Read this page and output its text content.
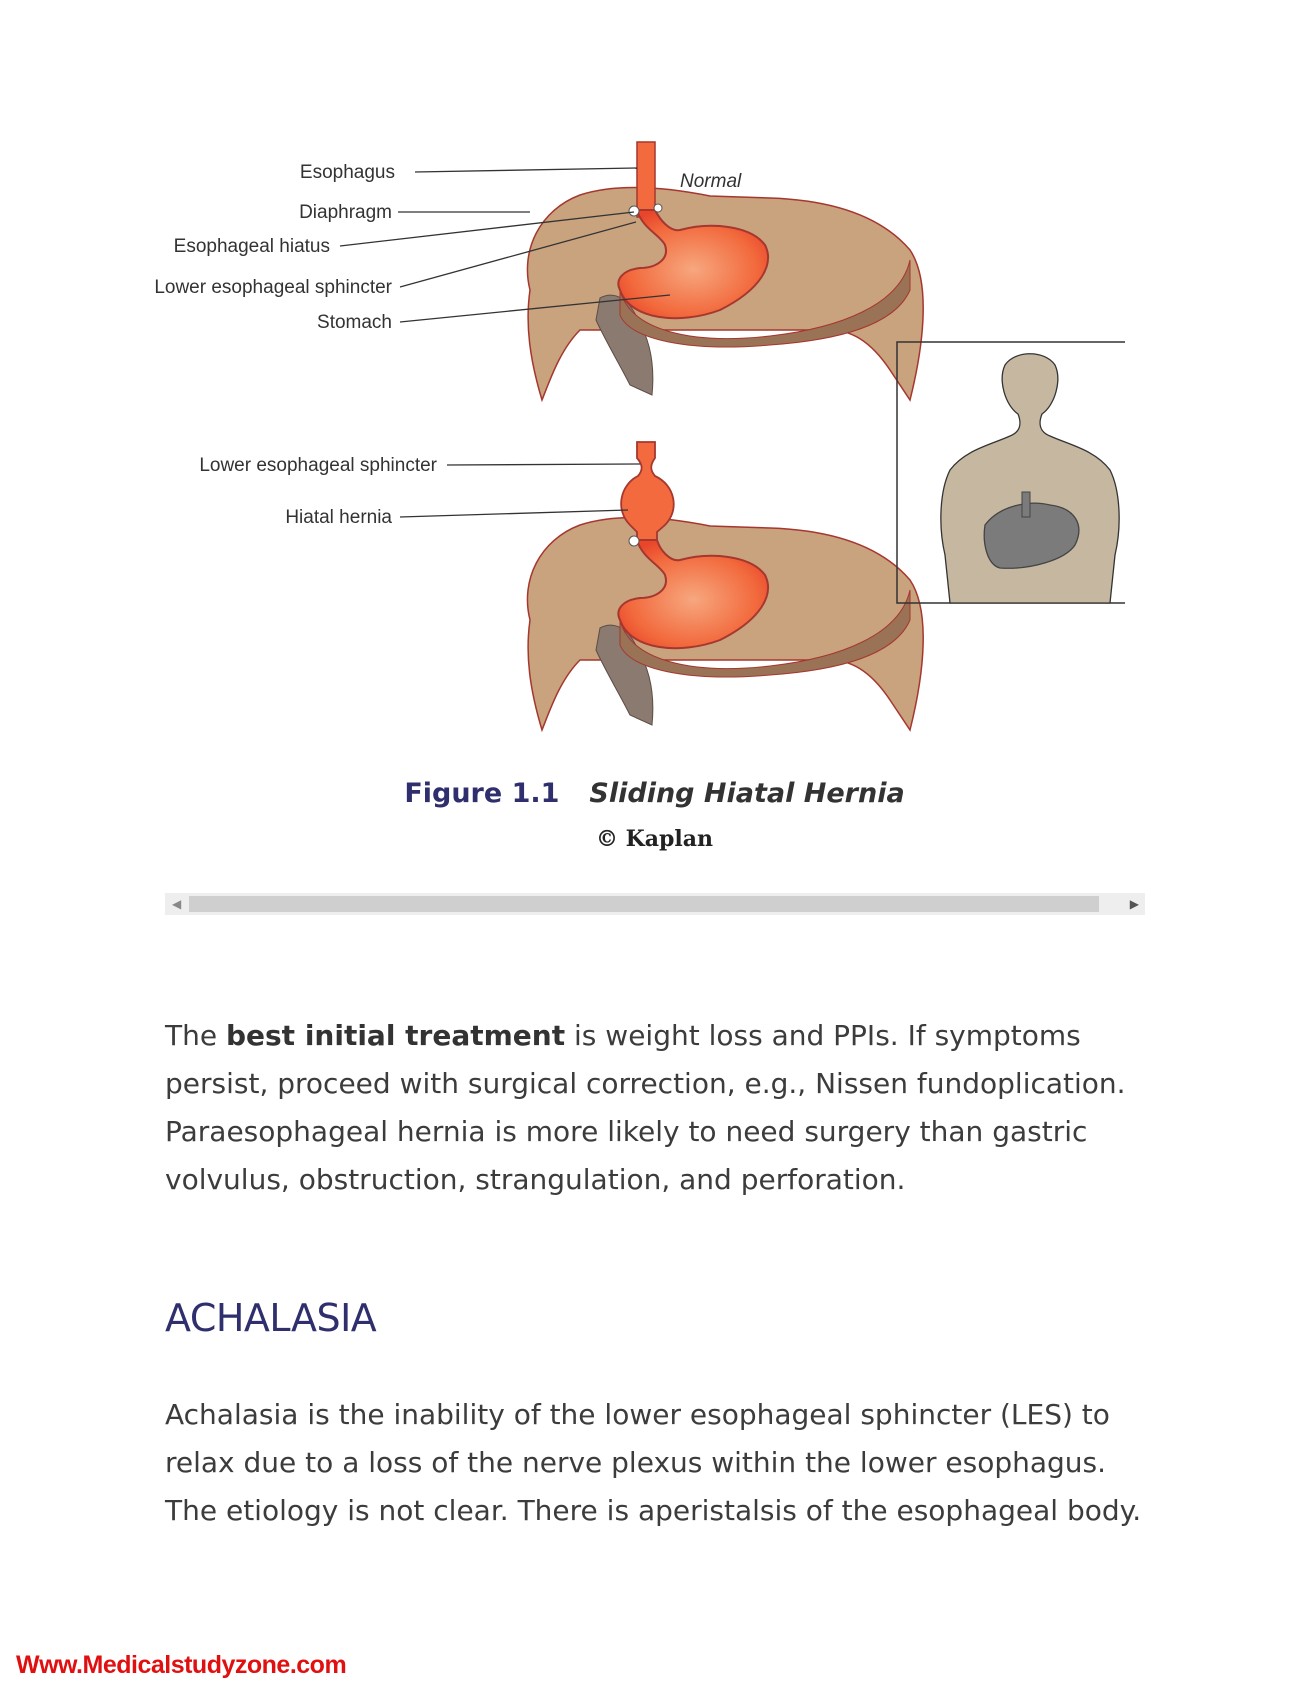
Esophagus	Normal
Diaphragm
Esophageal hiatus
Lower esophageal sphincter
Stomach
Lower esophageal sphincter
Hiatal hernia
Figure 1.1 Sliding Hiatal Hernia
© Kaplan
◀	▶

The best initial treatment is weight loss and PPIs. If symptoms persist, proceed with surgical correction, e.g., Nissen fundoplication. Paraesophageal hernia is more likely to need surgery than gastric volvulus, obstruction, strangulation, and perforation.

ACHALASIA

Achalasia is the inability of the lower esophageal sphincter (LES) to relax due to a loss of the nerve plexus within the lower esophagus. The etiology is not clear. There is aperistalsis of the esophageal body.

Www.Medicalstudyzone.com
